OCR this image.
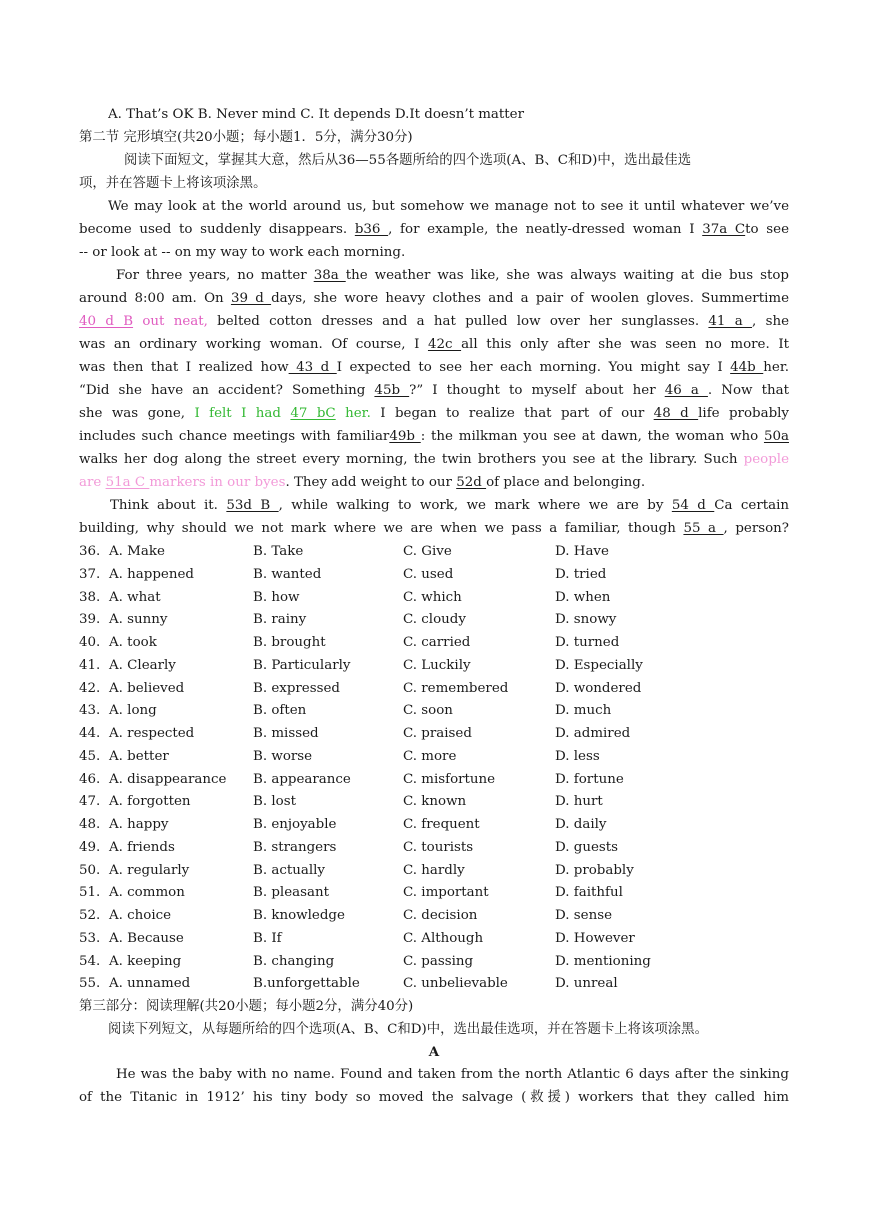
A. That’s OK B. Never mind C. It depends D.It doesn’t matter
第二节 完形填空(共20小题；每小题1．5分，满分30分)
阅读下面短文，掌握其大意，然后从36—55各题所给的四个选项(A、B、C和D)中，选出最佳选
项，并在答题卡上将该项涂黑。
We may look at the world around us, but somehow we manage not to see it until whatever we’ve
become used to suddenly disappears. b36 , for example, the neatly-dressed woman I 37a Cto see
-- or look at -- on my way to work each morning.
For three years, no matter 38a the weather was like, she was always waiting at die bus stop
around 8:00 am. On 39 d days, she wore heavy clothes and a pair of woolen gloves. Summertime
40 d B out neat, belted cotton dresses and a hat pulled low over her sunglasses. 41 a , she
was an ordinary working woman. Of course, I 42c all this only after she was seen no more. It
was then that I realized how 43 d I expected to see her each morning. You might say I 44b her.
“Did she have an accident? Something 45b ?” I thought to myself about her 46 a . Now that
she was gone, I felt I had 47 bC her. I began to realize that part of our 48 d life probably
includes such chance meetings with familiar49b : the milkman you see at dawn, the woman who 50a
walks her dog along the street every morning, the twin brothers you see at the library. Such people
are 51a C markers in our byes. They add weight to our 52d of place and belonging.
Think about it. 53d B , while walking to work, we mark where we are by 54 d Ca certain
building, why should we not mark where we are when we pass a familiar, though 55 a , person?
36. A. Make	B. Take	C. Give	D. Have
37. A. happened	B. wanted	C. used	D. tried
38. A. what	B. how	C. which	D. when
39. A. sunny	B. rainy	C. cloudy	D. snowy
40. A. took	B. brought	C. carried	D. turned
41. A. Clearly	B. Particularly	C. Luckily	D. Especially
42. A. believed	B. expressed	C. remembered	D. wondered
43. A. long	B. often	C. soon	D. much
44. A. respected	B. missed	C. praised	D. admired
45. A. better	B. worse	C. more	D. less
46. A. disappearance B. appearance	C. misfortune	D. fortune
47. A. forgotten	B. lost	C. known	D. hurt
48. A. happy	B. enjoyable	C. frequent	D. daily
49. A. friends	B. strangers	C. tourists	D. guests
50. A. regularly	B. actually	C. hardly	D. probably
51. A. common	B. pleasant	C. important	D. faithful
52. A. choice	B. knowledge	C. decision	D. sense
53. A. Because	B. If	C. Although	D. However
54. A. keeping	B. changing	C. passing	D. mentioning
55. A. unnamed	B.unforgettable	C. unbelievable	D. unreal
第三部分：阅读理解(共20小题；每小题2分，满分40分)
阅读下列短文，从每题所给的四个选项(A、B、C和D)中，选出最佳选项，并在答题卡上将该项涂黑。
A
He was the baby with no name. Found and taken from the north Atlantic 6 days after the sinking
of the Titanic in 1912’ his tiny body so moved the salvage (救援) workers that they called him
